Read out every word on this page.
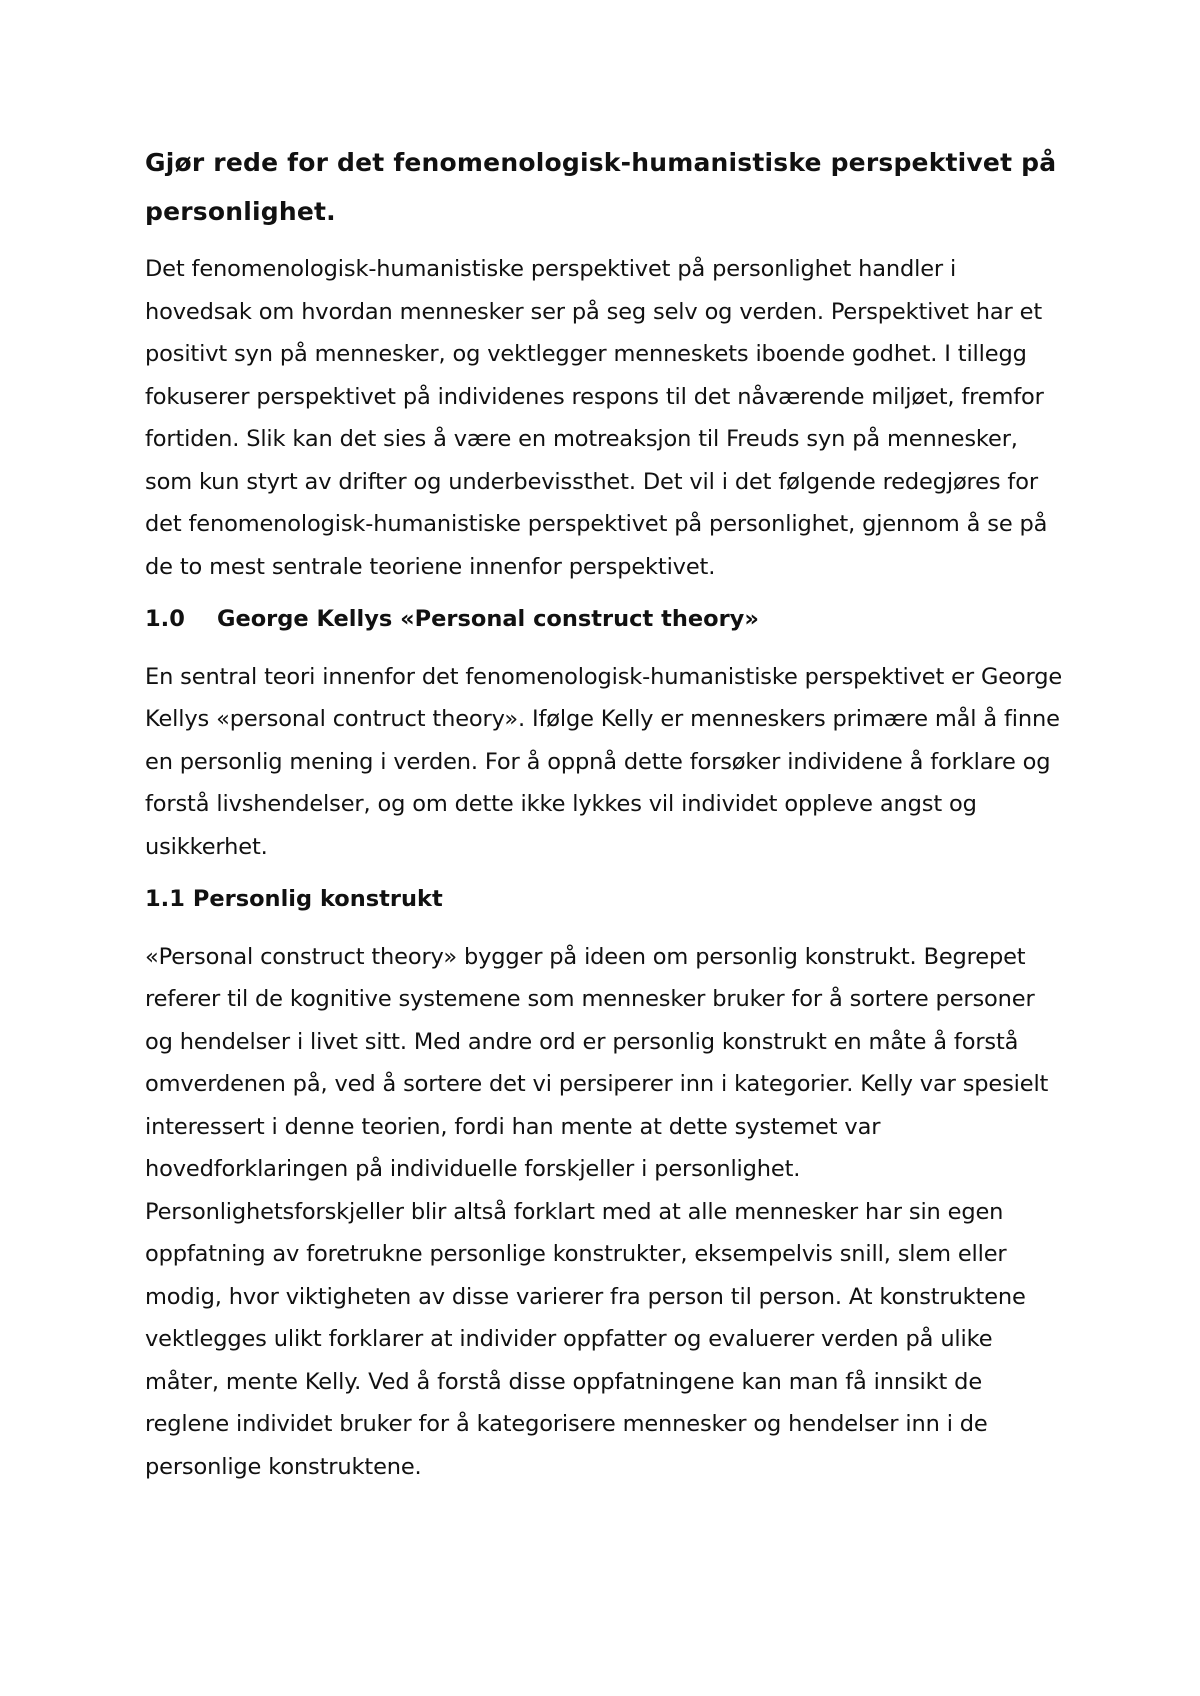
Gjør rede for det fenomenologisk-humanistiske perspektivet på personlighet.

Det fenomenologisk-humanistiske perspektivet på personlighet handler i hovedsak om hvordan mennesker ser på seg selv og verden. Perspektivet har et positivt syn på mennesker, og vektlegger menneskets iboende godhet. I tillegg fokuserer perspektivet på individenes respons til det nåværende miljøet, fremfor fortiden. Slik kan det sies å være en motreaksjon til Freuds syn på mennesker, som kun styrt av drifter og underbevissthet. Det vil i det følgende redegjøres for det fenomenologisk-humanistiske perspektivet på personlighet, gjennom å se på de to mest sentrale teoriene innenfor perspektivet.

1.0 George Kellys «Personal construct theory»

En sentral teori innenfor det fenomenologisk-humanistiske perspektivet er George Kellys «personal contruct theory». Ifølge Kelly er menneskers primære mål å finne en personlig mening i verden. For å oppnå dette forsøker individene å forklare og forstå livshendelser, og om dette ikke lykkes vil individet oppleve angst og usikkerhet.

1.1 Personlig konstrukt

«Personal construct theory» bygger på ideen om personlig konstrukt. Begrepet referer til de kognitive systemene som mennesker bruker for å sortere personer og hendelser i livet sitt. Med andre ord er personlig konstrukt en måte å forstå omverdenen på, ved å sortere det vi persiperer inn i kategorier. Kelly var spesielt interessert i denne teorien, fordi han mente at dette systemet var hovedforklaringen på individuelle forskjeller i personlighet. Personlighetsforskjeller blir altså forklart med at alle mennesker har sin egen oppfatning av foretrukne personlige konstrukter, eksempelvis snill, slem eller modig, hvor viktigheten av disse varierer fra person til person. At konstruktene vektlegges ulikt forklarer at individer oppfatter og evaluerer verden på ulike måter, mente Kelly. Ved å forstå disse oppfatningene kan man få innsikt de reglene individet bruker for å kategorisere mennesker og hendelser inn i de personlige konstruktene.
